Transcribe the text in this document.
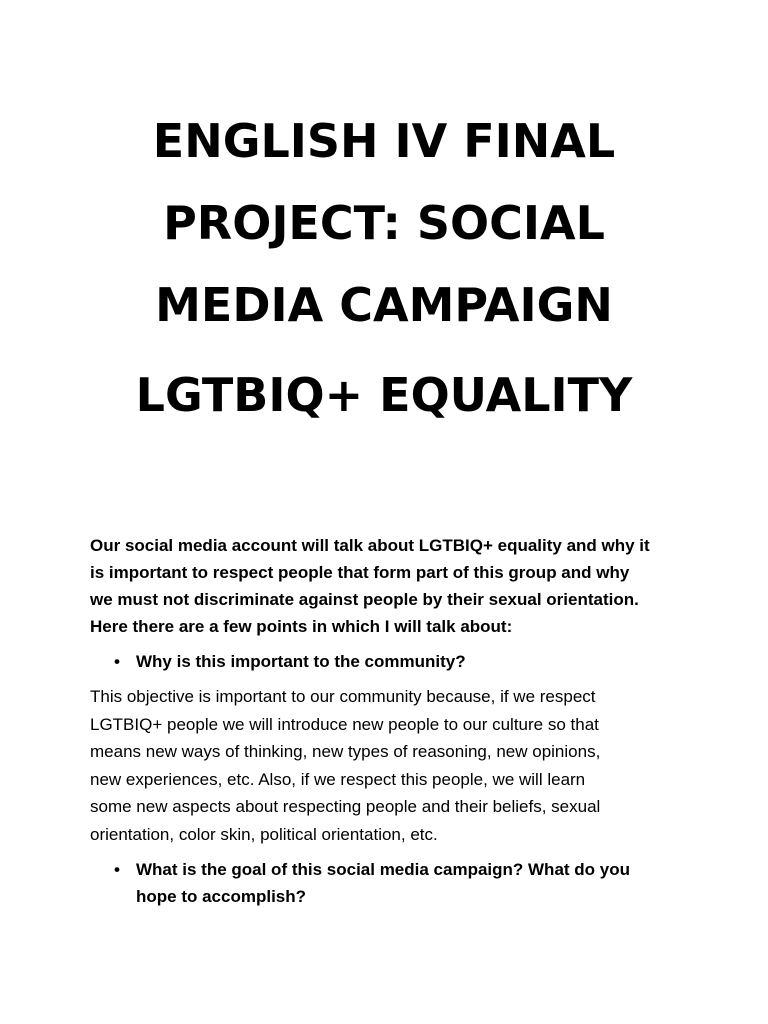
ENGLISH IV FINAL
PROJECT: SOCIAL
MEDIA CAMPAIGN
LGTBIQ+ EQUALITY

Our social media account will talk about LGTBIQ+ equality and why it
is important to respect people that form part of this group and why
we must not discriminate against people by their sexual orientation.
Here there are a few points in which I will talk about:

• Why is this important to the community?

This objective is important to our community because, if we respect
LGTBIQ+ people we will introduce new people to our culture so that
means new ways of thinking, new types of reasoning, new opinions,
new experiences, etc. Also, if we respect this people, we will learn
some new aspects about respecting people and their beliefs, sexual
orientation, color skin, political orientation, etc.

• What is the goal of this social media campaign? What do you
hope to accomplish?
